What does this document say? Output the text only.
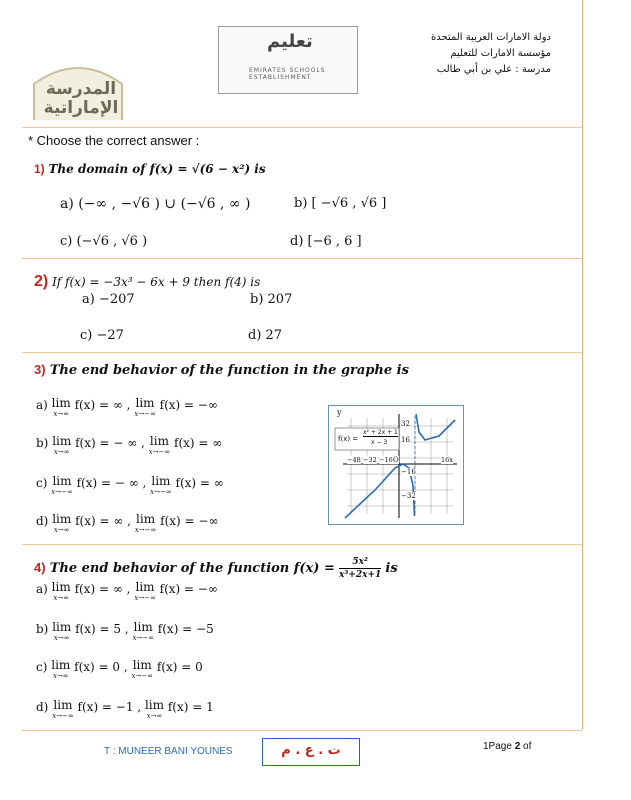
دولة الامارات العربية المتحدة
مؤسسة الامارات للتعليم
مدرسة : علي بن أبي طالب
تعليم
EMIRATES SCHOOLS ESTABLISHMENT
المدرسة الإماراتية
* Choose the correct answer :
1) The domain of f(x) = √(6 − x²) is
a) (−∞ , −√6 ) ∪ (−√6 , ∞ )	b) [ −√6 , √6 ]
c) (−√6 , √6 )	d) [−6 , 6 ]
2) If f(x) = −3x³ − 6x + 9 then f(4) is
a) −207	b) 207
c) −27	d) 27
3) The end behavior of the function in the graphe is
a) lim
x→∞
f(x) = ∞ , lim
x→−∞
f(x) = −∞
b) lim
x→∞
f(x) = − ∞ , lim
x→−∞
f(x) = ∞
c) lim
x→−∞
f(x) = − ∞ , lim
x→−∞
f(x) = ∞
d) lim
x→∞
f(x) = ∞ , lim
x→−∞
f(x) = −∞
y
f(x) =
x² + 2x + 1
x − 3
32
16
−16
−32
−48 −32 −16 O	16x
4) The end behavior of the function $f(x) = \frac{\text{5x²}}{\text{x³+2x+1}}$ is
a) lim
x→∞
f(x) = ∞ , lim
x→−∞
f(x) = −∞
b) lim
x→∞
f(x) = 5 , lim
x→−∞
f(x) = −5
c) lim
x→∞
f(x) = 0 , lim
x→−∞
f(x) = 0
d) lim
x→−∞
f(x) = −1 , lim
x→∞
f(x) = 1
T : MUNEER BANI YOUNES	ت . ع . م	1Page 2 of
